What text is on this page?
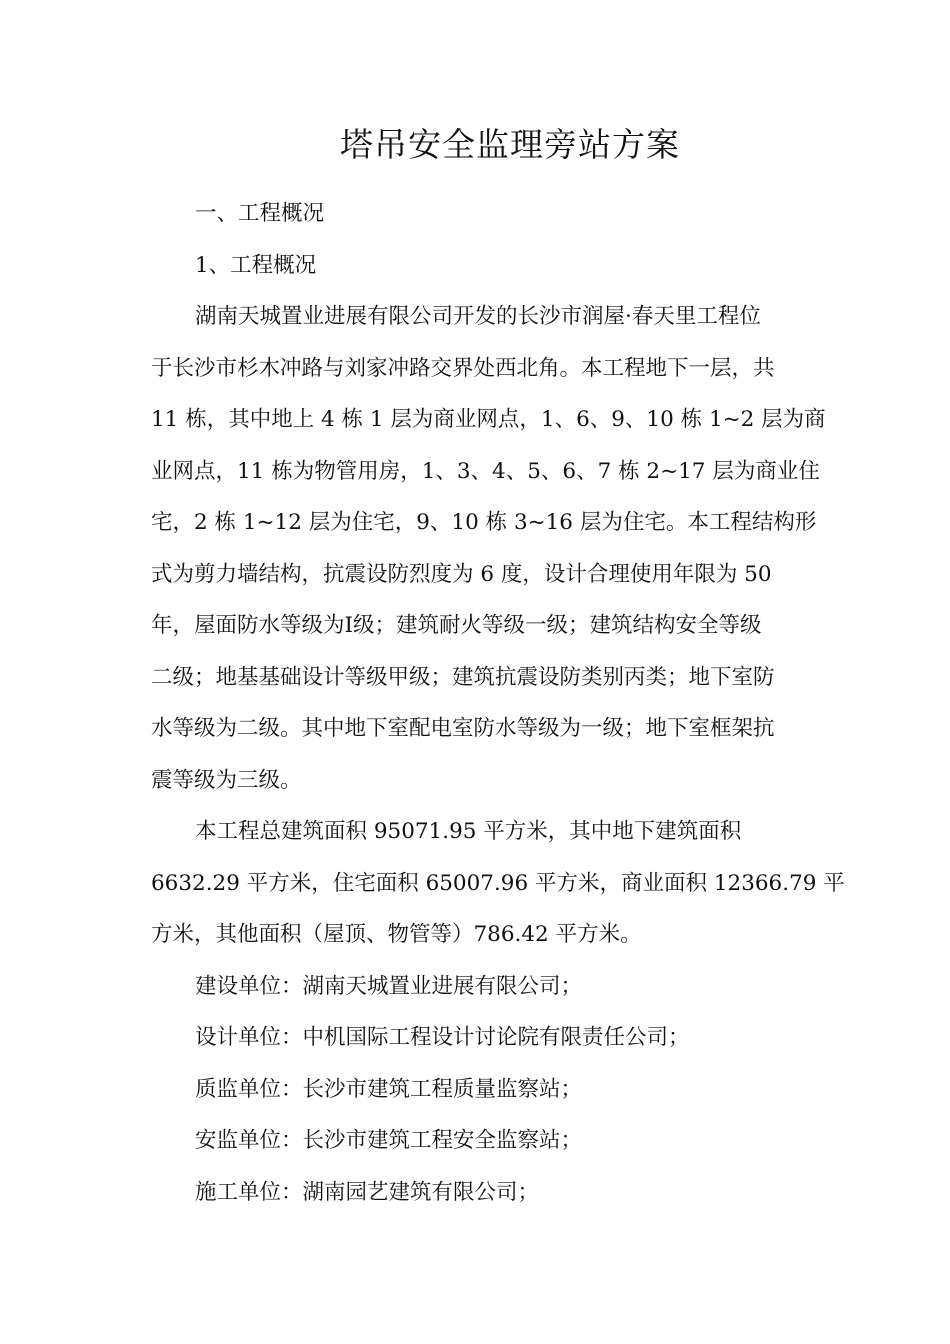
塔吊安全监理旁站方案
一、工程概况
1、工程概况
湖南天城置业进展有限公司开发的长沙市润屋·春天里工程位
于长沙市杉木冲路与刘家冲路交界处西北角。本工程地下一层，共
11 栋，其中地上 4 栋 1 层为商业网点，1、6、9、10 栋 1~2 层为商
业网点，11 栋为物管用房，1、3、4、5、6、7 栋 2~17 层为商业住
宅，2 栋 1~12 层为住宅，9、10 栋 3~16 层为住宅。本工程结构形
式为剪力墙结构，抗震设防烈度为 6 度，设计合理使用年限为 50
年，屋面防水等级为Ⅰ级；建筑耐火等级一级；建筑结构安全等级
二级；地基基础设计等级甲级；建筑抗震设防类别丙类；地下室防
水等级为二级。其中地下室配电室防水等级为一级；地下室框架抗
震等级为三级。
本工程总建筑面积 95071.95 平方米，其中地下建筑面积
6632.29 平方米，住宅面积 65007.96 平方米，商业面积 12366.79 平
方米，其他面积（屋顶、物管等）786.42 平方米。
建设单位：湖南天城置业进展有限公司；
设计单位：中机国际工程设计讨论院有限责任公司；
质监单位：长沙市建筑工程质量监察站；
安监单位：长沙市建筑工程安全监察站；
施工单位：湖南园艺建筑有限公司；
